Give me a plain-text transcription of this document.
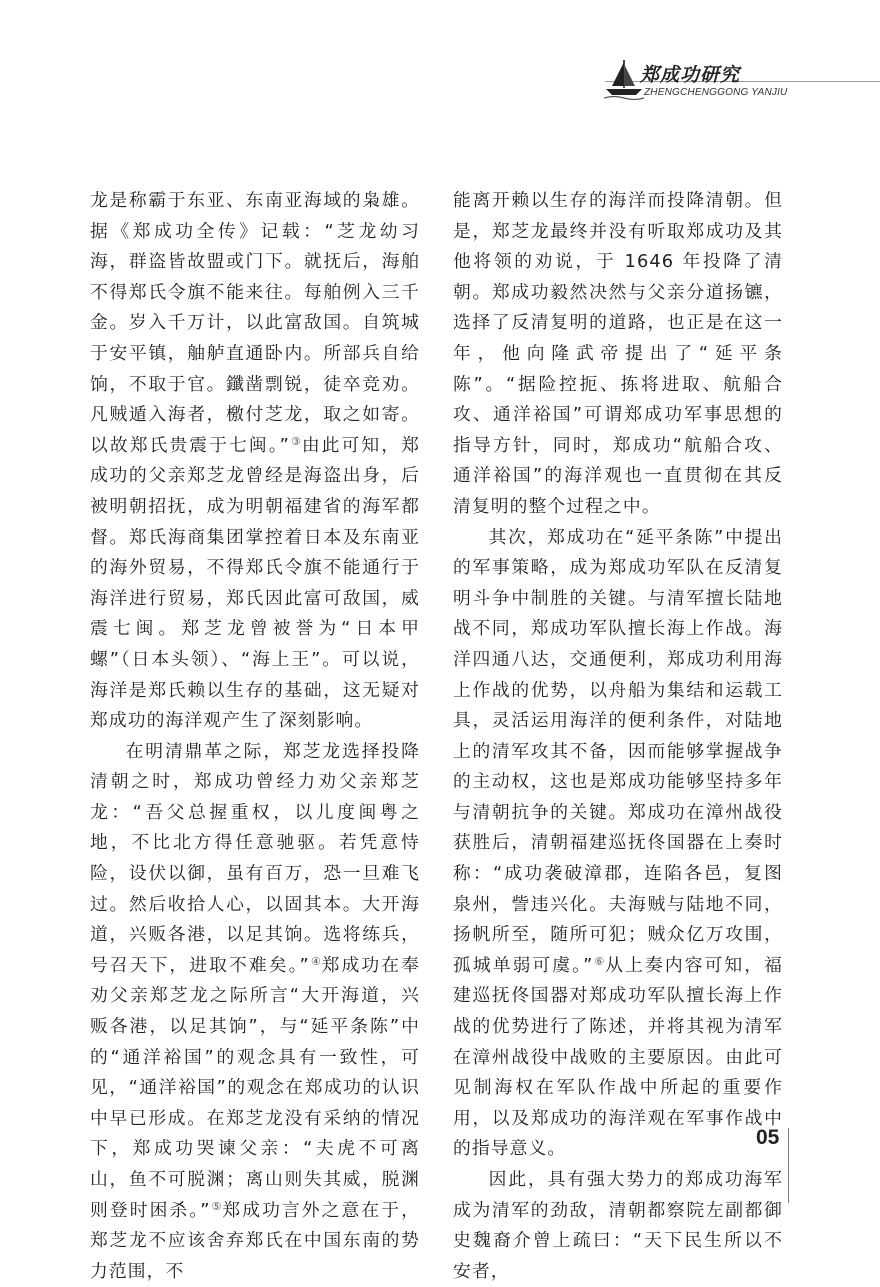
郑成功研究
ZHENGCHENGGONG YANJIU

龙是称霸于东亚、东南亚海域的枭雄。据《郑成功全传》记载：“芝龙幼习海，群盗皆故盟或门下。就抚后，海舶不得郑氏令旗不能来往。每舶例入三千金。岁入千万计，以此富敌国。自筑城于安平镇，舳舻直通卧内。所部兵自给饷，不取于官。鑯凿剽锐，徒卒竞劝。凡贼遁入海者，檄付芝龙，取之如寄。以故郑氏贵震于七闽。”③由此可知，郑成功的父亲郑芝龙曾经是海盗出身，后被明朝招抚，成为明朝福建省的海军都督。郑氏海商集团掌控着日本及东南亚的海外贸易，不得郑氏令旗不能通行于海洋进行贸易，郑氏因此富可敌国，威震七闽。郑芝龙曾被誉为“日本甲螺”（日本头领）、“海上王”。可以说，海洋是郑氏赖以生存的基础，这无疑对郑成功的海洋观产生了深刻影响。

在明清鼎革之际，郑芝龙选择投降清朝之时，郑成功曾经力劝父亲郑芝龙：“吾父总握重权，以儿度闽粤之地，不比北方得任意驰驱。若凭意恃险，设伏以御，虽有百万，恐一旦难飞过。然后收拾人心，以固其本。大开海道，兴贩各港，以足其饷。选将练兵，号召天下，进取不难矣。”④郑成功在奉劝父亲郑芝龙之际所言“大开海道，兴贩各港，以足其饷”，与“延平条陈”中的“通洋裕国”的观念具有一致性，可见，“通洋裕国”的观念在郑成功的认识中早已形成。在郑芝龙没有采纳的情况下，郑成功哭谏父亲：“夫虎不可离山，鱼不可脱渊；离山则失其威，脱渊则登时困杀。”⑤郑成功言外之意在于，郑芝龙不应该舍弃郑氏在中国东南的势力范围，不

能离开赖以生存的海洋而投降清朝。但是，郑芝龙最终并没有听取郑成功及其他将领的劝说，于 1646 年投降了清朝。郑成功毅然决然与父亲分道扬镳，选择了反清复明的道路，也正是在这一年，他向隆武帝提出了“延平条陈”。“据险控扼、拣将进取、航船合攻、通洋裕国”可谓郑成功军事思想的指导方针，同时，郑成功“航船合攻、通洋裕国”的海洋观也一直贯彻在其反清复明的整个过程之中。

其次，郑成功在“延平条陈”中提出的军事策略，成为郑成功军队在反清复明斗争中制胜的关键。与清军擅长陆地战不同，郑成功军队擅长海上作战。海洋四通八达，交通便利，郑成功利用海上作战的优势，以舟船为集结和运载工具，灵活运用海洋的便利条件，对陆地上的清军攻其不备，因而能够掌握战争的主动权，这也是郑成功能够坚持多年与清朝抗争的关键。郑成功在漳州战役获胜后，清朝福建巡抚佟国器在上奏时称：“成功袭破漳郡，连陷各邑，复图泉州，訾违兴化。夫海贼与陆地不同，扬帆所至，随所可犯；贼众亿万攻围，孤城单弱可虞。”⑥从上奏内容可知，福建巡抚佟国器对郑成功军队擅长海上作战的优势进行了陈述，并将其视为清军在漳州战役中战败的主要原因。由此可见制海权在军队作战中所起的重要作用，以及郑成功的海洋观在军事作战中的指导意义。

因此，具有强大势力的郑成功海军成为清军的劲敌，清朝都察院左副都御史魏裔介曾上疏曰：“天下民生所以不安者，

05
